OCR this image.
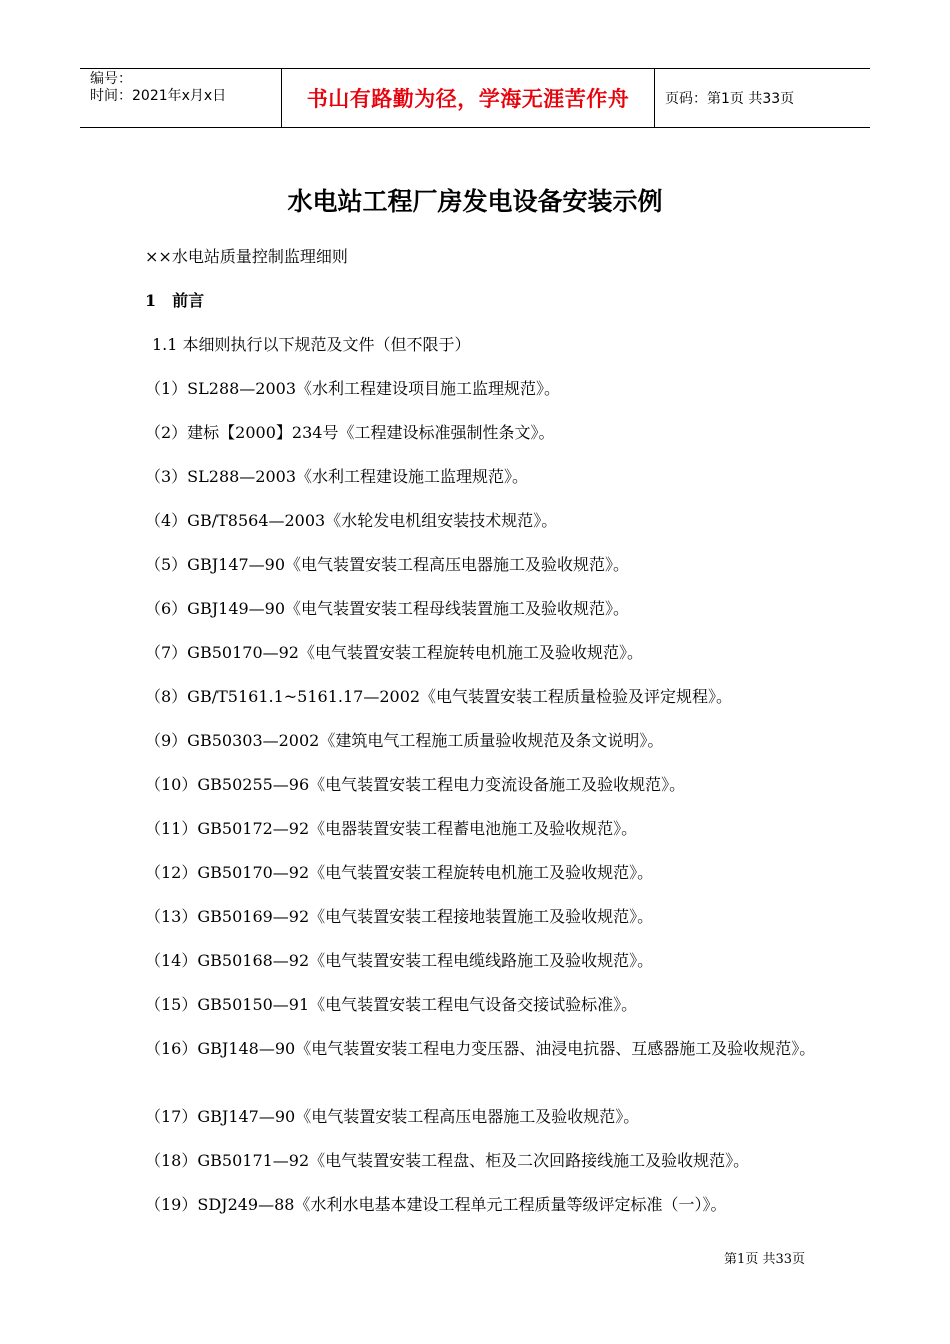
编号：
时间：2021年x月x日	书山有路勤为径，学海无涯苦作舟	页码：第1页 共33页
水电站工程厂房发电设备安装示例
××水电站质量控制监理细则
1　前言
1.1 本细则执行以下规范及文件（但不限于）
（1）SL288—2003《水利工程建设项目施工监理规范》。
（2）建标【2000】234号《工程建设标准强制性条文》。
（3）SL288—2003《水利工程建设施工监理规范》。
（4）GB/T8564—2003《水轮发电机组安装技术规范》。
（5）GBJ147—90《电气装置安装工程高压电器施工及验收规范》。
（6）GBJ149—90《电气装置安装工程母线装置施工及验收规范》。
（7）GB50170—92《电气装置安装工程旋转电机施工及验收规范》。
（8）GB/T5161.1~5161.17—2002《电气装置安装工程质量检验及评定规程》。
（9）GB50303—2002《建筑电气工程施工质量验收规范及条文说明》。
（10）GB50255—96《电气装置安装工程电力变流设备施工及验收规范》。
（11）GB50172—92《电器装置安装工程蓄电池施工及验收规范》。
（12）GB50170—92《电气装置安装工程旋转电机施工及验收规范》。
（13）GB50169—92《电气装置安装工程接地装置施工及验收规范》。
（14）GB50168—92《电气装置安装工程电缆线路施工及验收规范》。
（15）GB50150—91《电气装置安装工程电气设备交接试验标准》。
（16）GBJ148—90《电气装置安装工程电力变压器、油浸电抗器、互感器施工及验收规范》。
（17）GBJ147—90《电气装置安装工程高压电器施工及验收规范》。
（18）GB50171—92《电气装置安装工程盘、柜及二次回路接线施工及验收规范》。
（19）SDJ249—88《水利水电基本建设工程单元工程质量等级评定标准（一）》。
第1页 共33页
